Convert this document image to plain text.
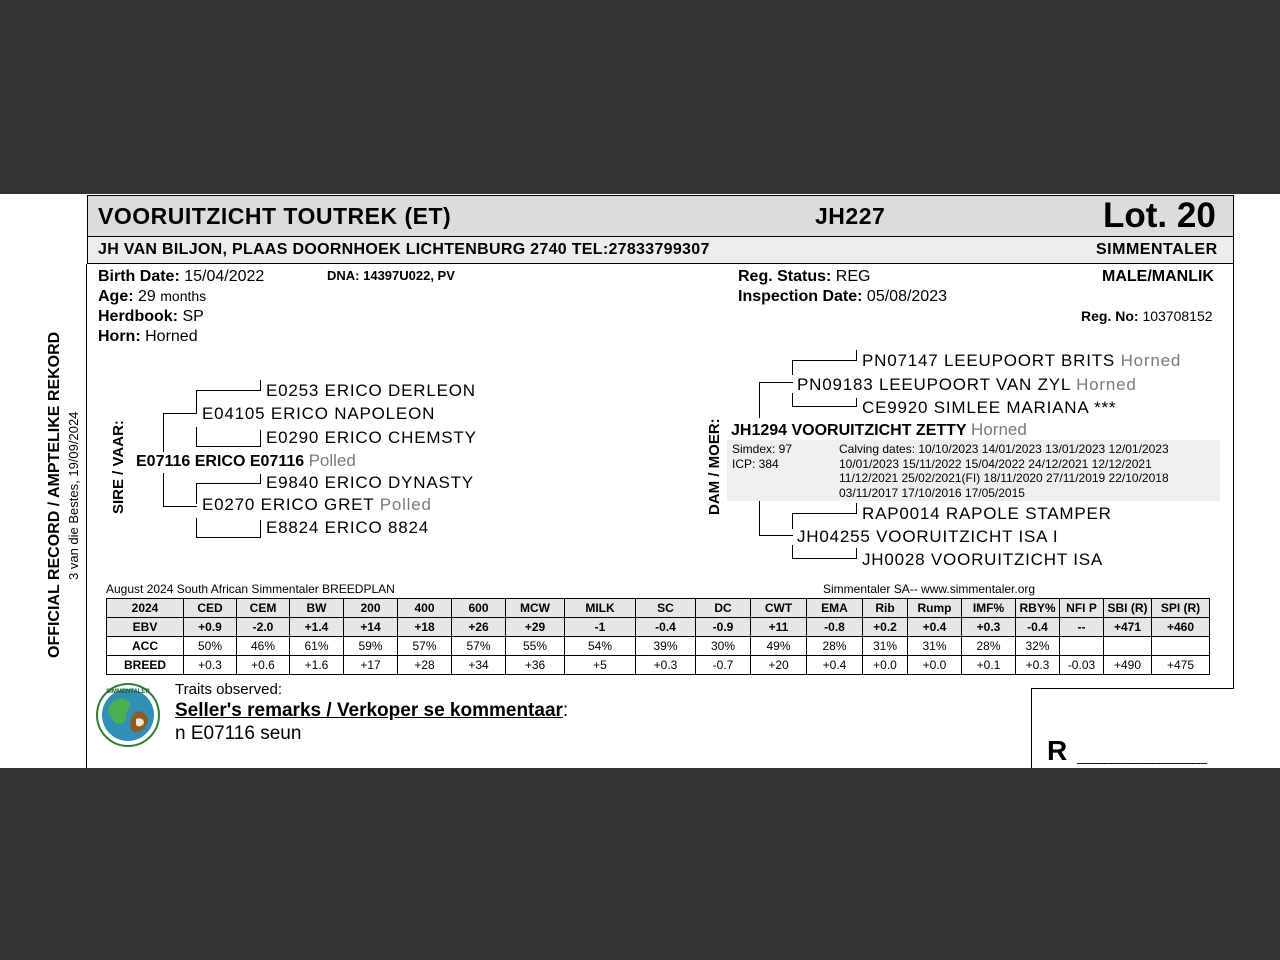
VOORUITZICHT TOUTREK (ET)	JH227	Lot. 20
JH VAN BILJON, PLAAS DOORNHOEK LICHTENBURG 2740 TEL:27833799307	SIMMENTALER
Birth Date: 15/04/2022	DNA: 14397U022, PV
Age: 29 months
Herdbook: SP
Horn: Horned
Reg. Status: REG
Inspection Date: 05/08/2023
MALE/MANLIK
Reg. No: 103708152
OFFICIAL RECORD / AMPTELIKE REKORD 3 van die Bestes, 19/09/2024 SIRE / VAAR:	DAM / MOER:
E0253 ERICO DERLEON
E04105 ERICO NAPOLEON
E0290 ERICO CHEMSTY
E07116 ERICO E07116 Polled
E9840 ERICO DYNASTY
E0270 ERICO GRET Polled
E8824 ERICO 8824
PN07147 LEEUPOORT BRITS Horned
PN09183 LEEUPOORT VAN ZYL Horned
CE9920 SIMLEE MARIANA ***
JH1294 VOORUITZICHT ZETTY Horned
Simdex: 97
ICP: 384
Calving dates: 10/10/2023 14/01/2023 13/01/2023 12/01/2023
10/01/2023 15/11/2022 15/04/2022 24/12/2021 12/12/2021
11/12/2021 25/02/2021(FI) 18/11/2020 27/11/2019 22/10/2018
03/11/2017 17/10/2016 17/05/2015
RAP0014 RAPOLE STAMPER
JH04255 VOORUITZICHT ISA I
JH0028 VOORUITZICHT ISA
August 2024 South African Simmentaler BREEDPLAN	Simmentaler SA-- www.simmentaler.org
2024	CED	CEM	BW	200	400	600	MCW	MILK	SC	DC	CWT	EMA	Rib	Rump	IMF%	RBY%	NFI P	SBI (R)	SPI (R)
EBV	+0.9	-2.0	+1.4	+14	+18	+26	+29	-1	-0.4	-0.9	+11	-0.8	+0.2	+0.4	+0.3	-0.4	--	+471	+460
ACC	50%	46%	61%	59%	57%	57%	55%	54%	39%	30%	49%	28%	31%	31%	28%	32%			
BREED	+0.3	+0.6	+1.6	+17	+28	+34	+36	+5	+0.3	-0.7	+20	+0.4	+0.0	+0.0	+0.1	+0.3	-0.03	+490	+475
SIMMENTALER Traits observed:
Seller's remarks / Verkoper se kommentaar:
n E07116 seun
R ___________________
